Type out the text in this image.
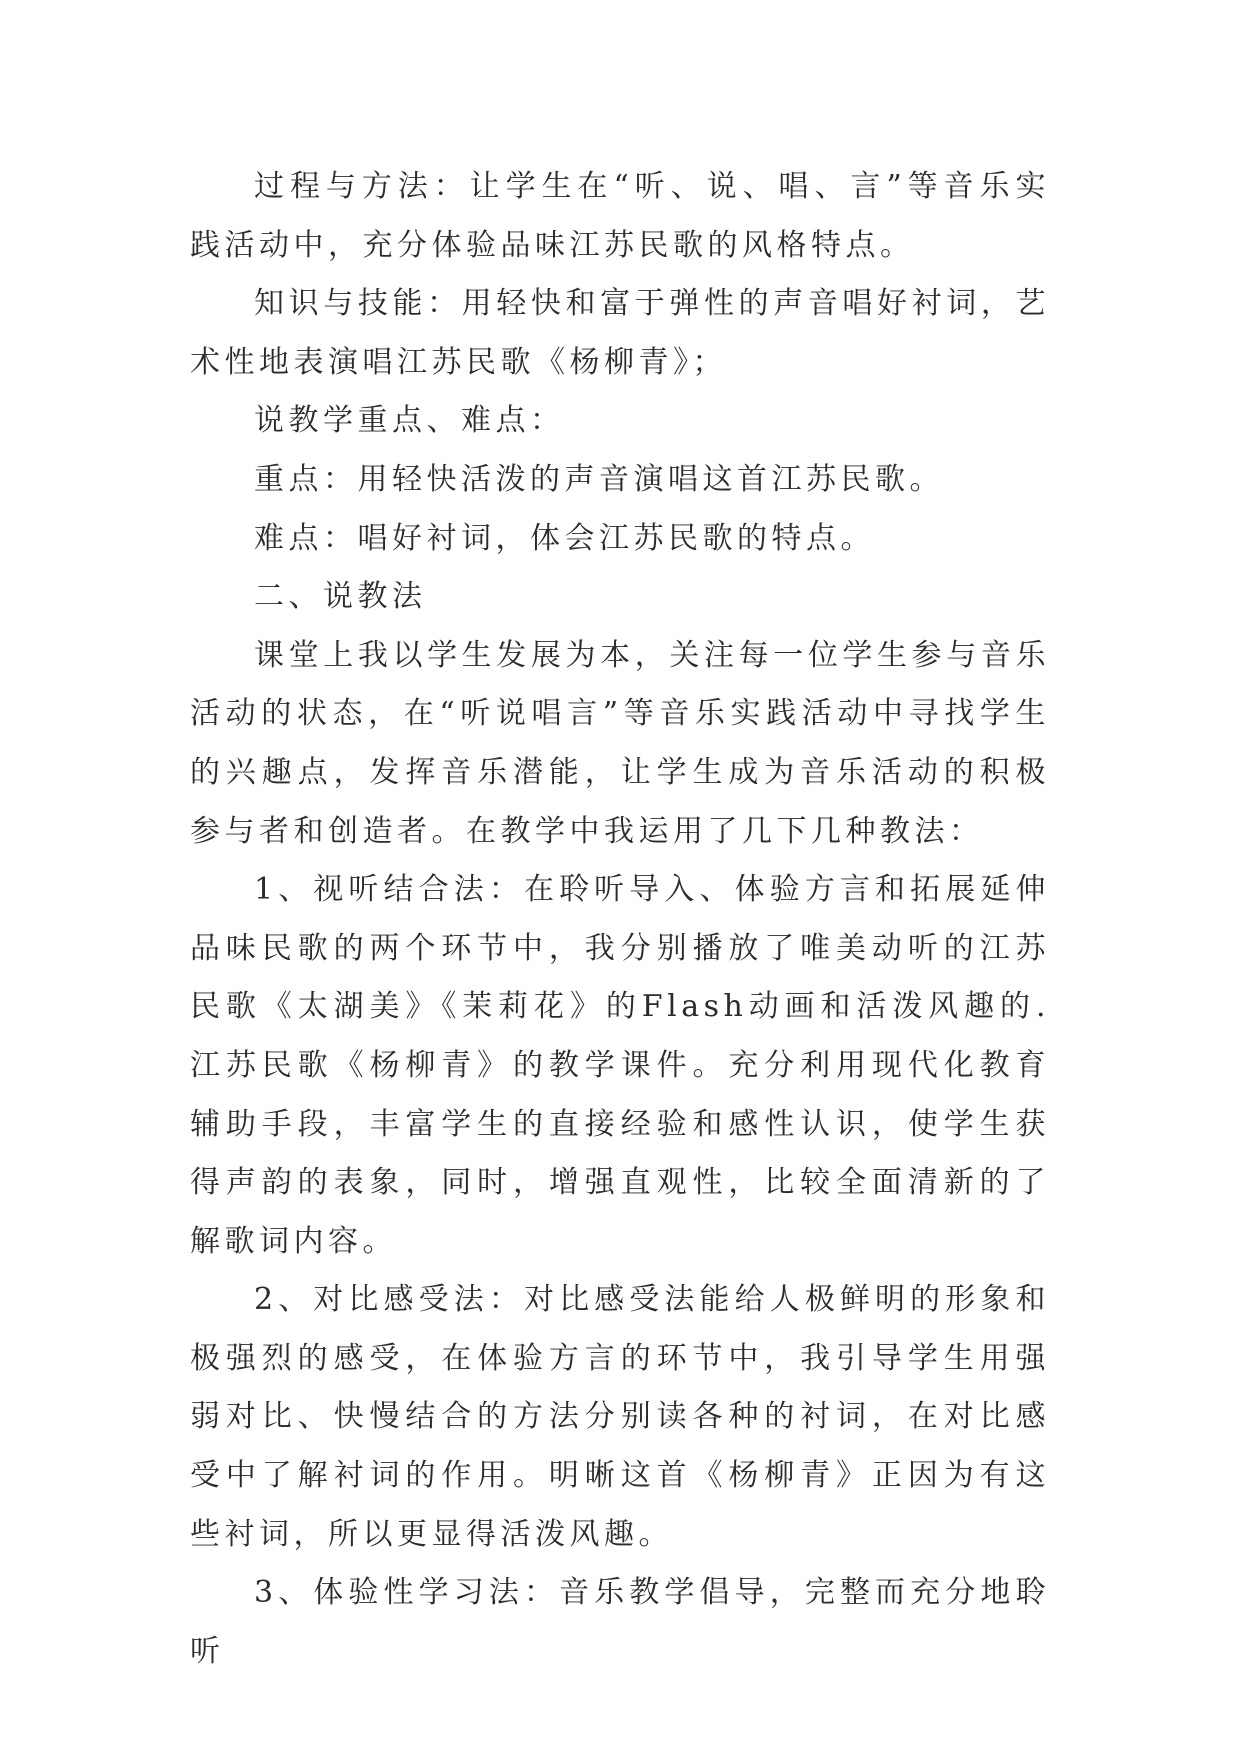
过程与方法：让学生在“听、说、唱、言”等音乐实践活动中，充分体验品味江苏民歌的风格特点。

知识与技能：用轻快和富于弹性的声音唱好衬词，艺术性地表演唱江苏民歌《杨柳青》；

说教学重点、难点：

重点：用轻快活泼的声音演唱这首江苏民歌。

难点：唱好衬词，体会江苏民歌的特点。

二、说教法

课堂上我以学生发展为本，关注每一位学生参与音乐活动的状态，在“听说唱言”等音乐实践活动中寻找学生的兴趣点，发挥音乐潜能，让学生成为音乐活动的积极参与者和创造者。在教学中我运用了几下几种教法：

1、视听结合法：在聆听导入、体验方言和拓展延伸品味民歌的两个环节中，我分别播放了唯美动听的江苏民歌《太湖美》《茉莉花》的Flash动画和活泼风趣的.江苏民歌《杨柳青》的教学课件。充分利用现代化教育辅助手段，丰富学生的直接经验和感性认识，使学生获得声韵的表象，同时，增强直观性，比较全面清新的了解歌词内容。

2、对比感受法：对比感受法能给人极鲜明的形象和极强烈的感受，在体验方言的环节中，我引导学生用强弱对比、快慢结合的方法分别读各种的衬词，在对比感受中了解衬词的作用。明晰这首《杨柳青》正因为有这些衬词，所以更显得活泼风趣。

3、体验性学习法：音乐教学倡导，完整而充分地聆听
